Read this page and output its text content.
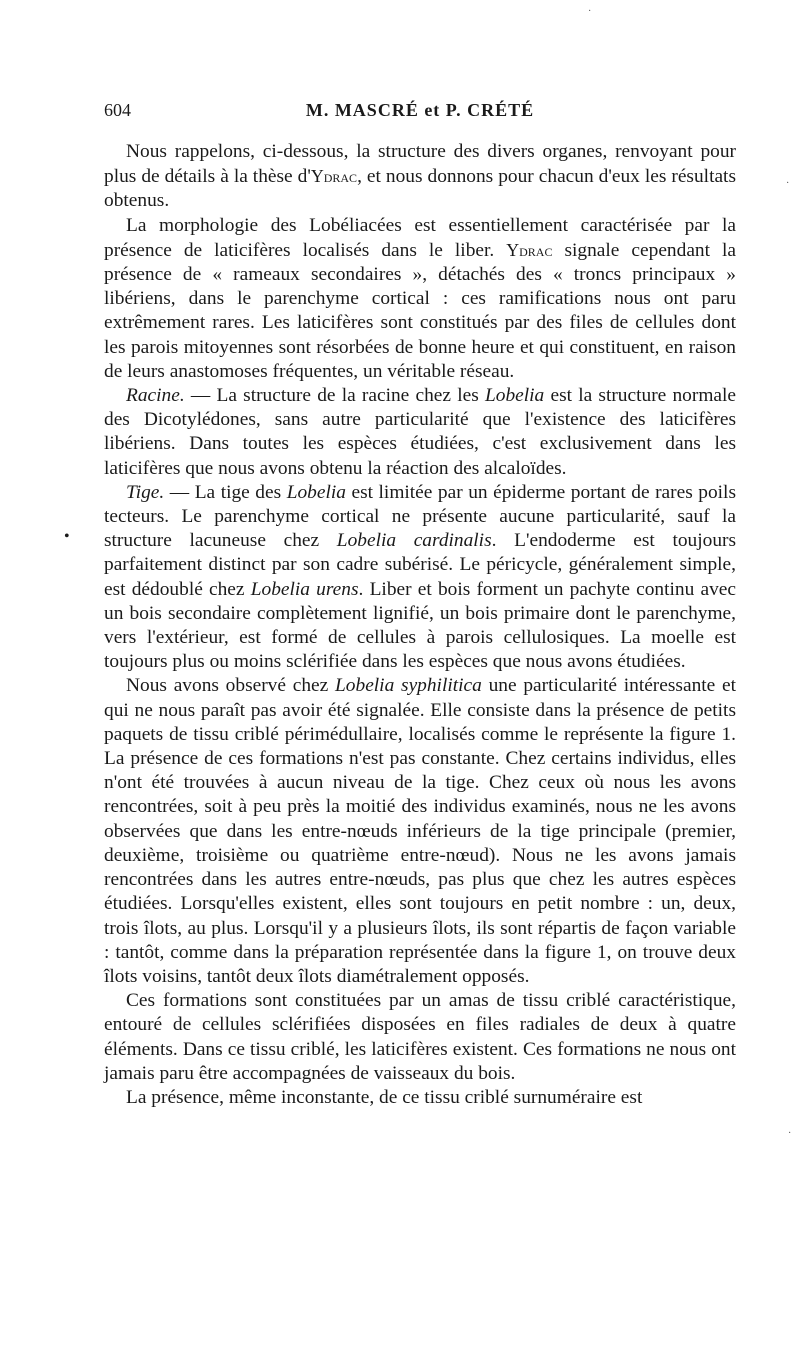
·
·
·
604	M. MASCRÉ et P. CRÉTÉ
•

Nous rappelons, ci-dessous, la structure des divers organes, renvoyant pour plus de détails à la thèse d'Ydrac, et nous donnons pour chacun d'eux les résultats obtenus.

La morphologie des Lobéliacées est essentiellement caractérisée par la présence de laticifères localisés dans le liber. Ydrac signale cependant la présence de « rameaux secondaires », détachés des « troncs principaux » libériens, dans le parenchyme cortical : ces ramifications nous ont paru extrêmement rares. Les laticifères sont constitués par des files de cellules dont les parois mitoyennes sont résorbées de bonne heure et qui constituent, en raison de leurs anastomoses fréquentes, un véritable réseau.

Racine. — La structure de la racine chez les Lobelia est la structure normale des Dicotylédones, sans autre particularité que l'existence des laticifères libériens. Dans toutes les espèces étudiées, c'est exclusivement dans les laticifères que nous avons obtenu la réaction des alcaloïdes.

Tige. — La tige des Lobelia est limitée par un épiderme portant de rares poils tecteurs. Le parenchyme cortical ne présente aucune particularité, sauf la structure lacuneuse chez Lobelia cardinalis. L'endoderme est toujours parfaitement distinct par son cadre subérisé. Le péricycle, généralement simple, est dédoublé chez Lobelia urens. Liber et bois forment un pachyte continu avec un bois secondaire complètement lignifié, un bois primaire dont le parenchyme, vers l'extérieur, est formé de cellules à parois cellulosiques. La moelle est toujours plus ou moins sclérifiée dans les espèces que nous avons étudiées.

Nous avons observé chez Lobelia syphilitica une particularité intéressante et qui ne nous paraît pas avoir été signalée. Elle consiste dans la présence de petits paquets de tissu criblé périmédullaire, localisés comme le représente la figure 1. La présence de ces formations n'est pas constante. Chez certains individus, elles n'ont été trouvées à aucun niveau de la tige. Chez ceux où nous les avons rencontrées, soit à peu près la moitié des individus examinés, nous ne les avons observées que dans les entre-nœuds inférieurs de la tige principale (premier, deuxième, troisième ou quatrième entre-nœud). Nous ne les avons jamais rencontrées dans les autres entre-nœuds, pas plus que chez les autres espèces étudiées. Lorsqu'elles existent, elles sont toujours en petit nombre : un, deux, trois îlots, au plus. Lorsqu'il y a plusieurs îlots, ils sont répartis de façon variable : tantôt, comme dans la préparation représentée dans la figure 1, on trouve deux îlots voisins, tantôt deux îlots diamétralement opposés.

Ces formations sont constituées par un amas de tissu criblé caractéristique, entouré de cellules sclérifiées disposées en files radiales de deux à quatre éléments. Dans ce tissu criblé, les laticifères existent. Ces formations ne nous ont jamais paru être accompagnées de vaisseaux du bois.

La présence, même inconstante, de ce tissu criblé surnuméraire est
